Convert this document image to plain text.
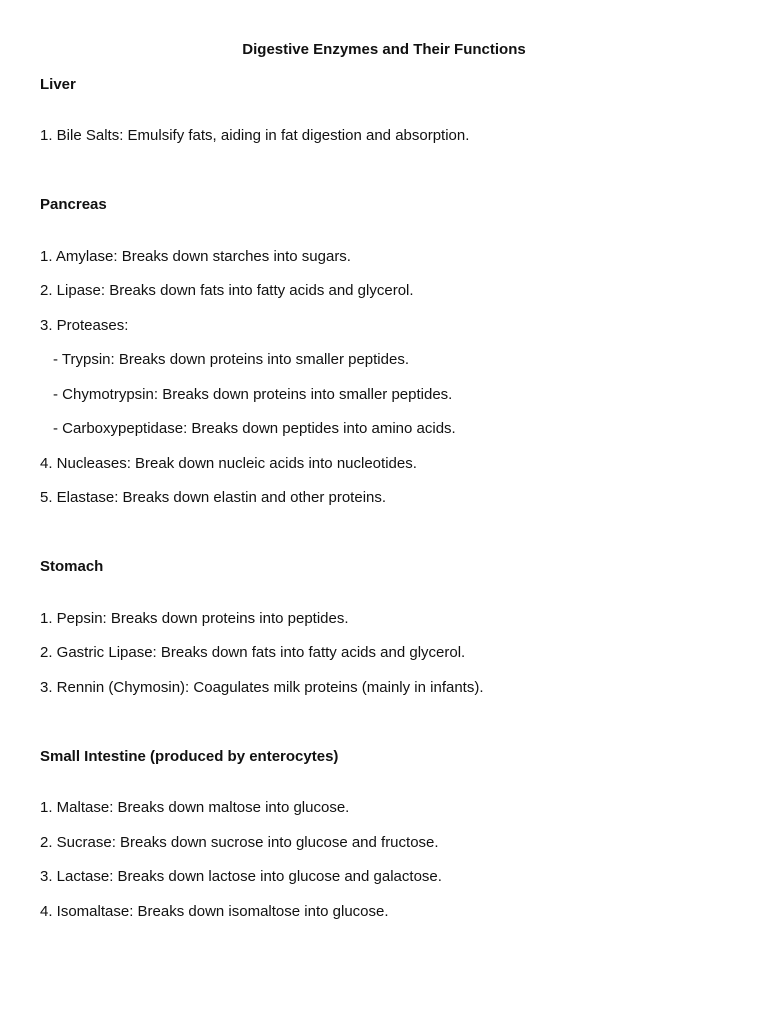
Digestive Enzymes and Their Functions
Liver
1. Bile Salts: Emulsify fats, aiding in fat digestion and absorption.
Pancreas
1. Amylase: Breaks down starches into sugars.
2. Lipase: Breaks down fats into fatty acids and glycerol.
3. Proteases:
- Trypsin: Breaks down proteins into smaller peptides.
- Chymotrypsin: Breaks down proteins into smaller peptides.
- Carboxypeptidase: Breaks down peptides into amino acids.
4. Nucleases: Break down nucleic acids into nucleotides.
5. Elastase: Breaks down elastin and other proteins.
Stomach
1. Pepsin: Breaks down proteins into peptides.
2. Gastric Lipase: Breaks down fats into fatty acids and glycerol.
3. Rennin (Chymosin): Coagulates milk proteins (mainly in infants).
Small Intestine (produced by enterocytes)
1. Maltase: Breaks down maltose into glucose.
2. Sucrase: Breaks down sucrose into glucose and fructose.
3. Lactase: Breaks down lactose into glucose and galactose.
4. Isomaltase: Breaks down isomaltose into glucose.
